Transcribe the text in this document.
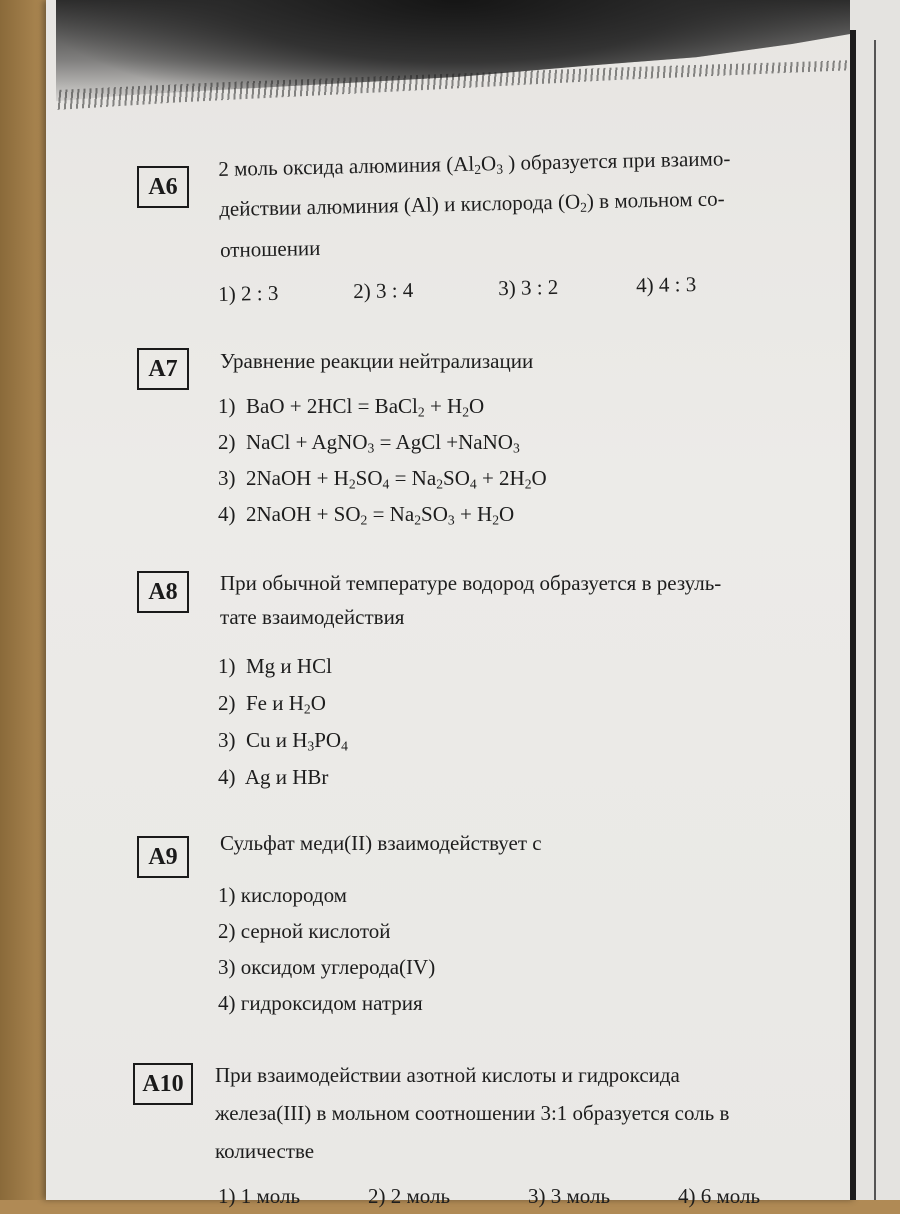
А6
2 моль оксида алюминия ($Al_2O_3$ ) образуется при взаимо-
действии алюминия (Al) и кислорода $(O_2)$ в мольном со-
отношении
1) 2 : 3	2) 3 : 4	3) 3 : 2	4) 4 : 3
А7 Уравнение реакции нейтрализации
1)  BaO + 2HCl = BaCl$_2$ + $H_2O$
2)  NaCl + AgNO$_3$ = AgCl +NaNO$_3$
3)  2NaOH + $H_2SO_4 = Na_2SO_4 + 2H_2O$
4)  2NaOH + $SO_2 = Na_2SO_3 + H_2O$
А8 При обычной температуре водород образуется в резуль-
тате взаимодействия
1)  Mg и HCl
2)  Fe и $H_2O$
3)  Cu и $H_3PO_4$
4)  Ag и HBr
А9
Сульфат меди(II) взаимодействует с
1) кислородом
2) серной кислотой
3) оксидом углерода(IV)
4) гидроксидом натрия
А10 При взаимодействии азотной кислоты и гидроксида
железа(III) в мольном соотношении 3:1 образуется соль в
количестве
1) 1 моль	2) 2 моль	3) 3 моль	4) 6 моль
